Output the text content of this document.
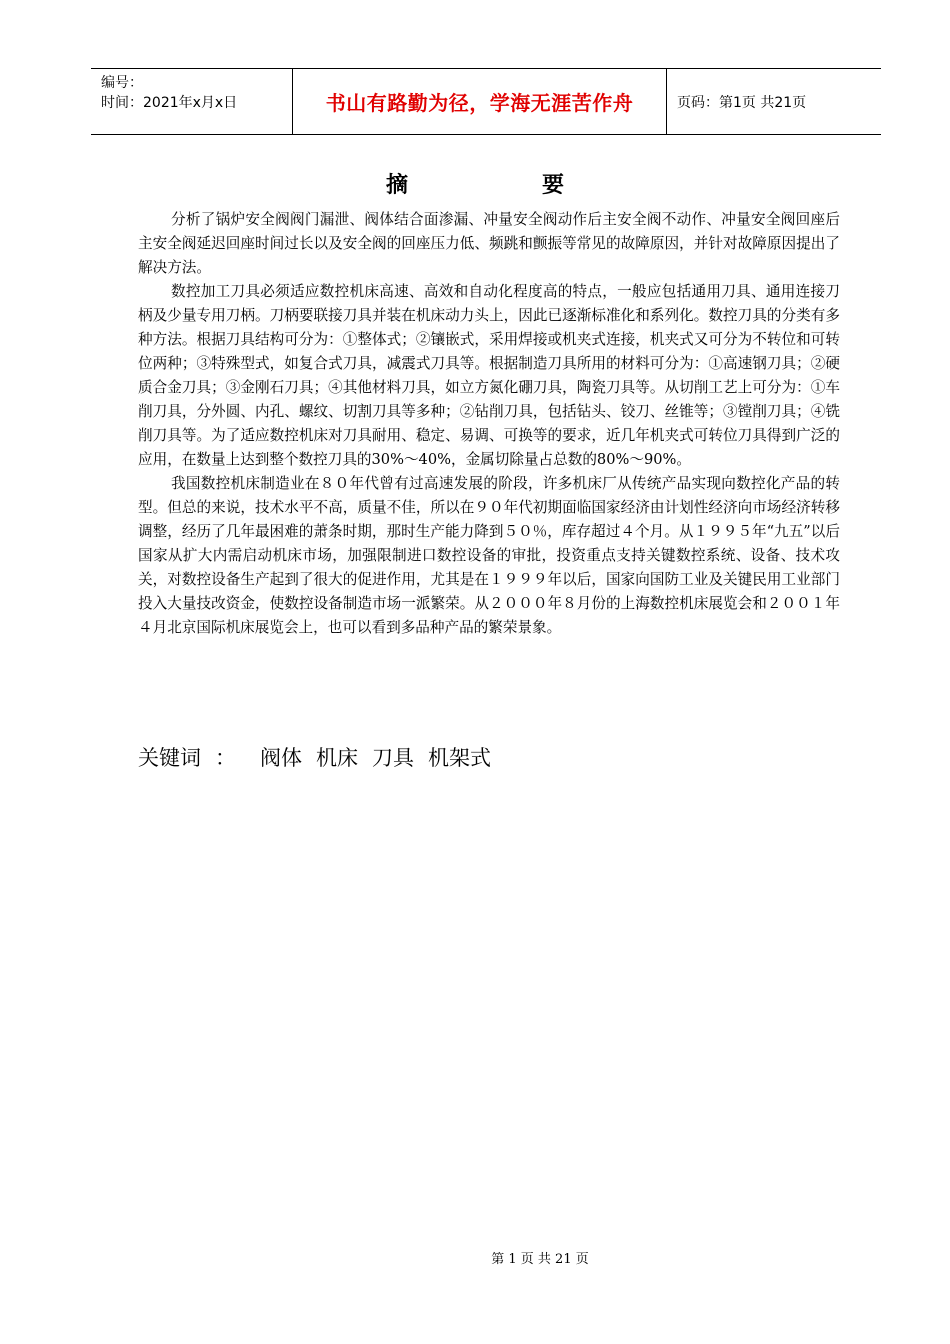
编号：
时间：2021年x月x日	书山有路勤为径，学海无涯苦作舟	页码：第1页 共21页
摘　　要

分析了锅炉安全阀阀门漏泄、阀体结合面渗漏、冲量安全阀动作后主安全阀不动作、冲量安全阀回座后主安全阀延迟回座时间过长以及安全阀的回座压力低、频跳和颤振等常见的故障原因，并针对故障原因提出了解决方法。

数控加工刀具必须适应数控机床高速、高效和自动化程度高的特点，一般应包括通用刀具、通用连接刀柄及少量专用刀柄。刀柄要联接刀具并装在机床动力头上，因此已逐渐标准化和系列化。数控刀具的分类有多种方法。根据刀具结构可分为：①整体式；②镶嵌式，采用焊接或机夹式连接，机夹式又可分为不转位和可转位两种；③特殊型式，如复合式刀具，减震式刀具等。根据制造刀具所用的材料可分为：①高速钢刀具；②硬质合金刀具；③金刚石刀具；④其他材料刀具，如立方氮化硼刀具，陶瓷刀具等。从切削工艺上可分为：①车削刀具，分外圆、内孔、螺纹、切割刀具等多种；②钻削刀具，包括钻头、铰刀、丝锥等；③镗削刀具；④铣削刀具等。为了适应数控机床对刀具耐用、稳定、易调、可换等的要求，近几年机夹式可转位刀具得到广泛的应用，在数量上达到整个数控刀具的30%～40%，金属切除量占总数的80%～90%。

我国数控机床制造业在８０年代曾有过高速发展的阶段，许多机床厂从传统产品实现向数控化产品的转型。但总的来说，技术水平不高，质量不佳，所以在９０年代初期面临国家经济由计划性经济向市场经济转移调整，经历了几年最困难的萧条时期，那时生产能力降到５０％，库存超过４个月。从１９９５年“九五”以后国家从扩大内需启动机床市场，加强限制进口数控设备的审批，投资重点支持关键数控系统、设备、技术攻关，对数控设备生产起到了很大的促进作用，尤其是在１９９９年以后，国家向国防工业及关键民用工业部门投入大量技改资金，使数控设备制造市场一派繁荣。从２０００年８月份的上海数控机床展览会和２００１年４月北京国际机床展览会上，也可以看到多品种产品的繁荣景象。

关键词 ： 阀体 机床 刀具 机架式
第 1 页 共 21 页
